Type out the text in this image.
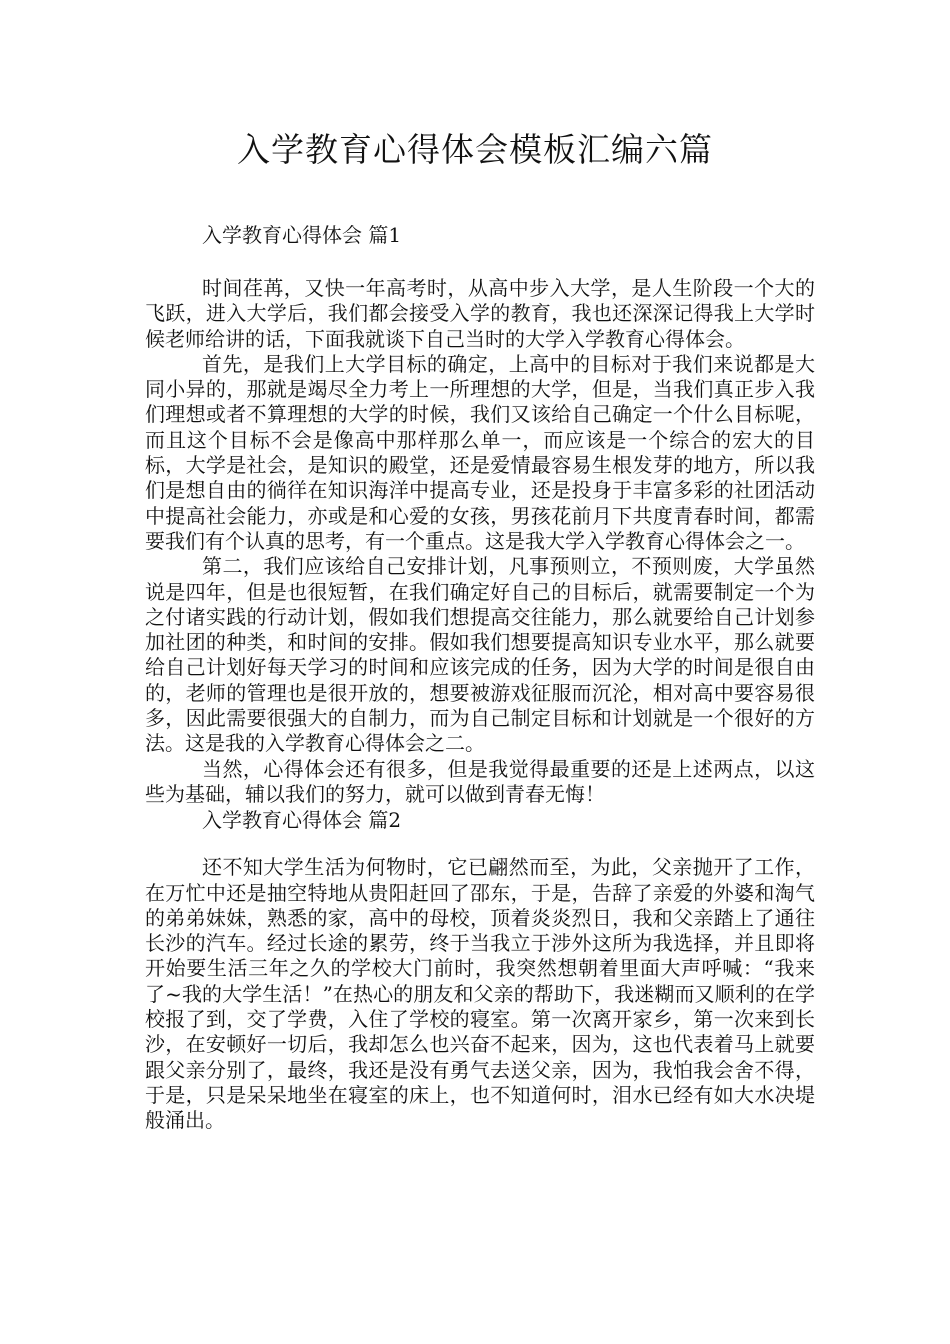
入学教育心得体会模板汇编六篇

入学教育心得体会 篇1

时间荏苒，又快一年高考时，从高中步入大学，是人生阶段一个大的飞跃，进入大学后，我们都会接受入学的教育，我也还深深记得我上大学时候老师给讲的话，下面我就谈下自己当时的大学入学教育心得体会。

首先，是我们上大学目标的确定，上高中的目标对于我们来说都是大同小异的，那就是竭尽全力考上一所理想的大学，但是，当我们真正步入我们理想或者不算理想的大学的时候，我们又该给自己确定一个什么目标呢，而且这个目标不会是像高中那样那么单一，而应该是一个综合的宏大的目标，大学是社会，是知识的殿堂，还是爱情最容易生根发芽的地方，所以我们是想自由的徜徉在知识海洋中提高专业，还是投身于丰富多彩的社团活动中提高社会能力，亦或是和心爱的女孩，男孩花前月下共度青春时间，都需要我们有个认真的思考，有一个重点。这是我大学入学教育心得体会之一。

第二，我们应该给自己安排计划，凡事预则立，不预则废，大学虽然说是四年，但是也很短暂，在我们确定好自己的目标后，就需要制定一个为之付诸实践的行动计划，假如我们想提高交往能力，那么就要给自己计划参加社团的种类，和时间的安排。假如我们想要提高知识专业水平，那么就要给自己计划好每天学习的时间和应该完成的任务，因为大学的时间是很自由的，老师的管理也是很开放的，想要被游戏征服而沉沦，相对高中要容易很多，因此需要很强大的自制力，而为自己制定目标和计划就是一个很好的方法。这是我的入学教育心得体会之二。

当然，心得体会还有很多，但是我觉得最重要的还是上述两点，以这些为基础，辅以我们的努力，就可以做到青春无悔！

入学教育心得体会 篇2

还不知大学生活为何物时，它已翩然而至，为此，父亲抛开了工作，在万忙中还是抽空特地从贵阳赶回了邵东，于是，告辞了亲爱的外婆和淘气的弟弟妹妹，熟悉的家，高中的母校，顶着炎炎烈日，我和父亲踏上了通往长沙的汽车。经过长途的累劳，终于当我立于涉外这所为我选择，并且即将开始要生活三年之久的学校大门前时，我突然想朝着里面大声呼喊：“我来了~我的大学生活！”在热心的朋友和父亲的帮助下，我迷糊而又顺利的在学校报了到，交了学费，入住了学校的寝室。第一次离开家乡，第一次来到长沙，在安顿好一切后，我却怎么也兴奋不起来，因为，这也代表着马上就要跟父亲分别了，最终，我还是没有勇气去送父亲，因为，我怕我会舍不得，于是，只是呆呆地坐在寝室的床上，也不知道何时，泪水已经有如大水决堤般涌出。
